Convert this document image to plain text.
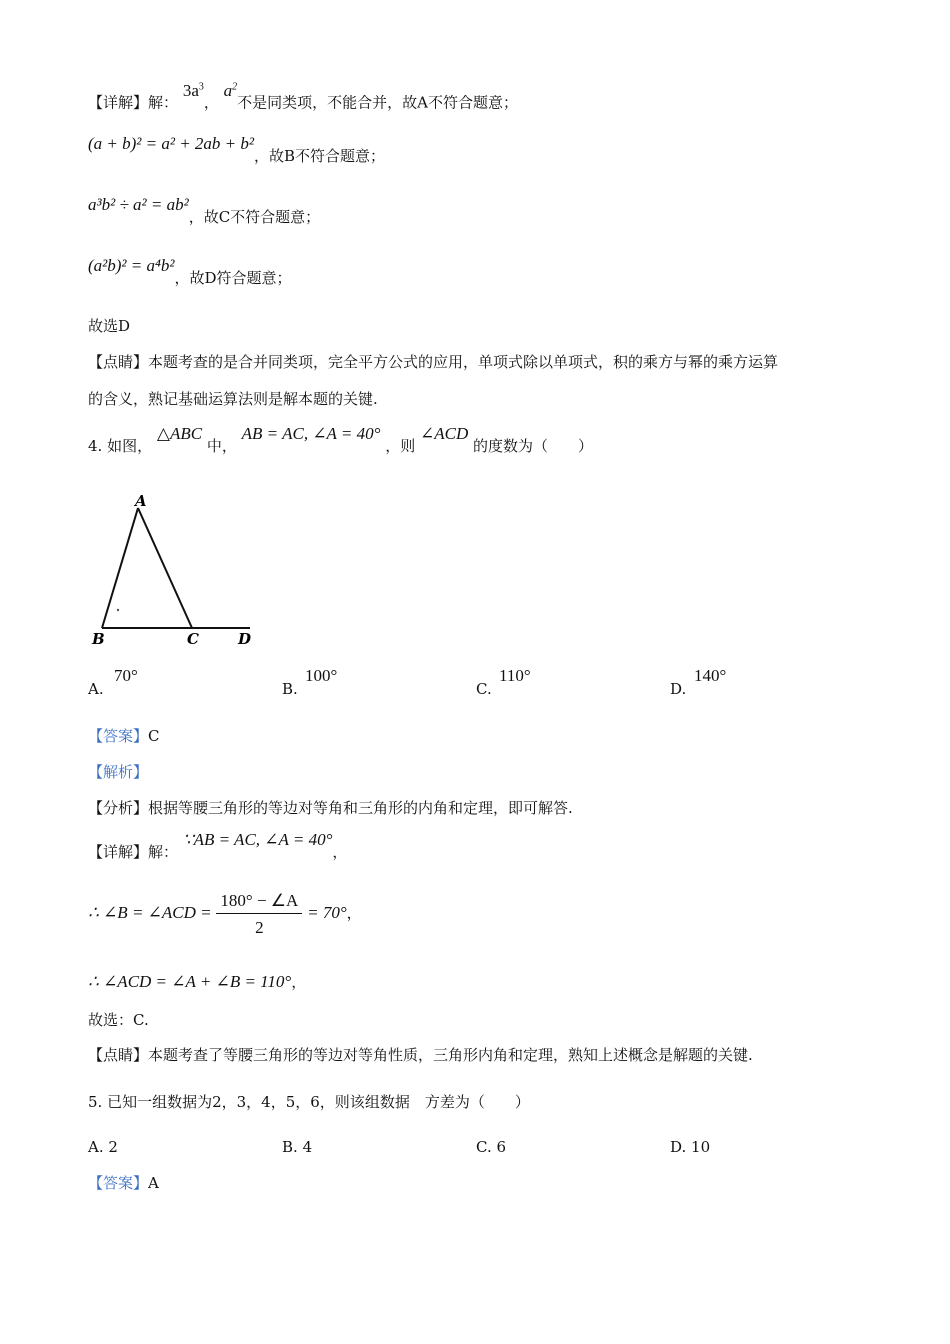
【详解】解： $3a^3$， $a^2$不是同类项，不能合并，故A不符合题意；
(a + b)² = a² + 2ab + b²，故B不符合题意；
a³b² ÷ a² = ab²，故C不符合题意；
(a²b)² = a⁴b²，故D符合题意；
故选D
【点睛】本题考查的是合并同类项，完全平方公式的应用，单项式除以单项式，积的乘方与幂的乘方运算
的含义，熟记基础运算法则是解本题的关键.
4. 如图， △ABC 中， AB = AC, ∠A = 40° ，则 ∠ACD 的度数为（　　）
A
B	C	D
A.
70°
B.
100°
C.
110°
D.
140°
【答案】C
【解析】
【分析】根据等腰三角形的等边对等角和三角形的内角和定理，即可解答.
【详解】解： ∵AB = AC, ∠A = 40°，
∴ ∠B = ∠ACD = $\frac{180^\circ - \angle A}{2} = 70^\circ$，
∴ ∠ACD = ∠A + ∠B = 110°，
故选：C.
【点睛】本题考查了等腰三角形的等边对等角性质，三角形内角和定理，熟知上述概念是解题的关键.
5. 已知一组数据为2，3，4，5，6，则该组数据　方差为（　　）
A. 2	B. 4	C. 6	D. 10
【答案】A
